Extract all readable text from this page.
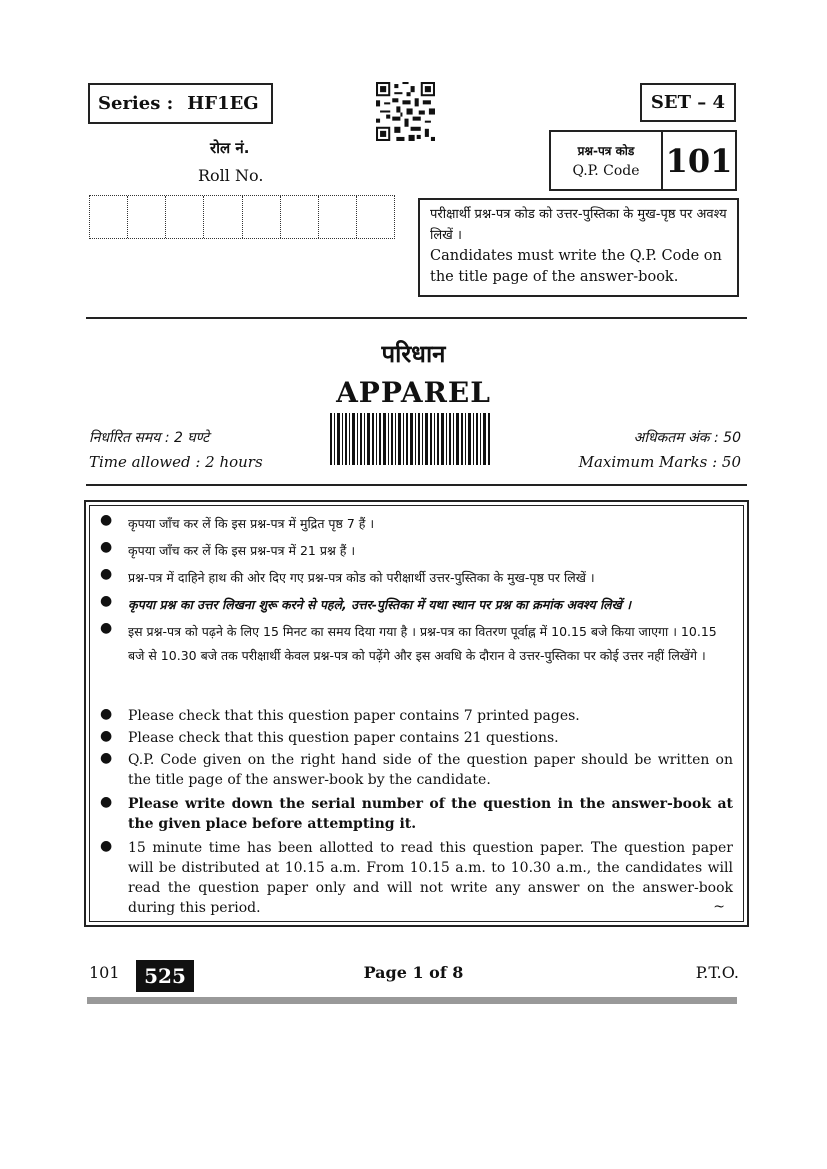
Series : HF1EG	SET – 4
रोल नं.
Roll No.
प्रश्न-पत्र कोड
Q.P. Code 101
परीक्षार्थी प्रश्न-पत्र कोड को उत्तर-पुस्तिका के मुख-पृष्ठ पर अवश्य लिखें ।
Candidates must write the Q.P. Code on the title page of the answer-book.
परिधान
APPAREL
निर्धारित समय : 2 घण्टे
Time allowed : 2 hours
अधिकतम अंक : 50
Maximum Marks : 50
● कृपया जाँच कर लें कि इस प्रश्न-पत्र में मुद्रित पृष्ठ 7 हैं ।
● कृपया जाँच कर लें कि इस प्रश्न-पत्र में 21 प्रश्न हैं ।
● प्रश्न-पत्र में दाहिने हाथ की ओर दिए गए प्रश्न-पत्र कोड को परीक्षार्थी उत्तर-पुस्तिका के मुख-पृष्ठ पर लिखें ।
● कृपया प्रश्न का उत्तर लिखना शुरू करने से पहले, उत्तर-पुस्तिका में यथा स्थान पर प्रश्न का क्रमांक अवश्य लिखें ।
● इस प्रश्न-पत्र को पढ़ने के लिए 15 मिनट का समय दिया गया है । प्रश्न-पत्र का वितरण पूर्वाह्न में 10.15 बजे किया जाएगा । 10.15 बजे से 10.30 बजे तक परीक्षार्थी केवल प्रश्न-पत्र को पढ़ेंगे और इस अवधि के दौरान वे उत्तर-पुस्तिका पर कोई उत्तर नहीं लिखेंगे ।
● Please check that this question paper contains 7 printed pages.
● Please check that this question paper contains 21 questions.
● Q.P. Code given on the right hand side of the question paper should be written on the title page of the answer-book by the candidate.
● Please write down the serial number of the question in the answer-book at the given place before attempting it.
● 15 minute time has been allotted to read this question paper. The question paper will be distributed at 10.15 a.m. From 10.15 a.m. to 10.30 a.m., the candidates will read the question paper only and will not write any answer on the answer-book during this period.	~
101	525	Page 1 of 8	P.T.O.
